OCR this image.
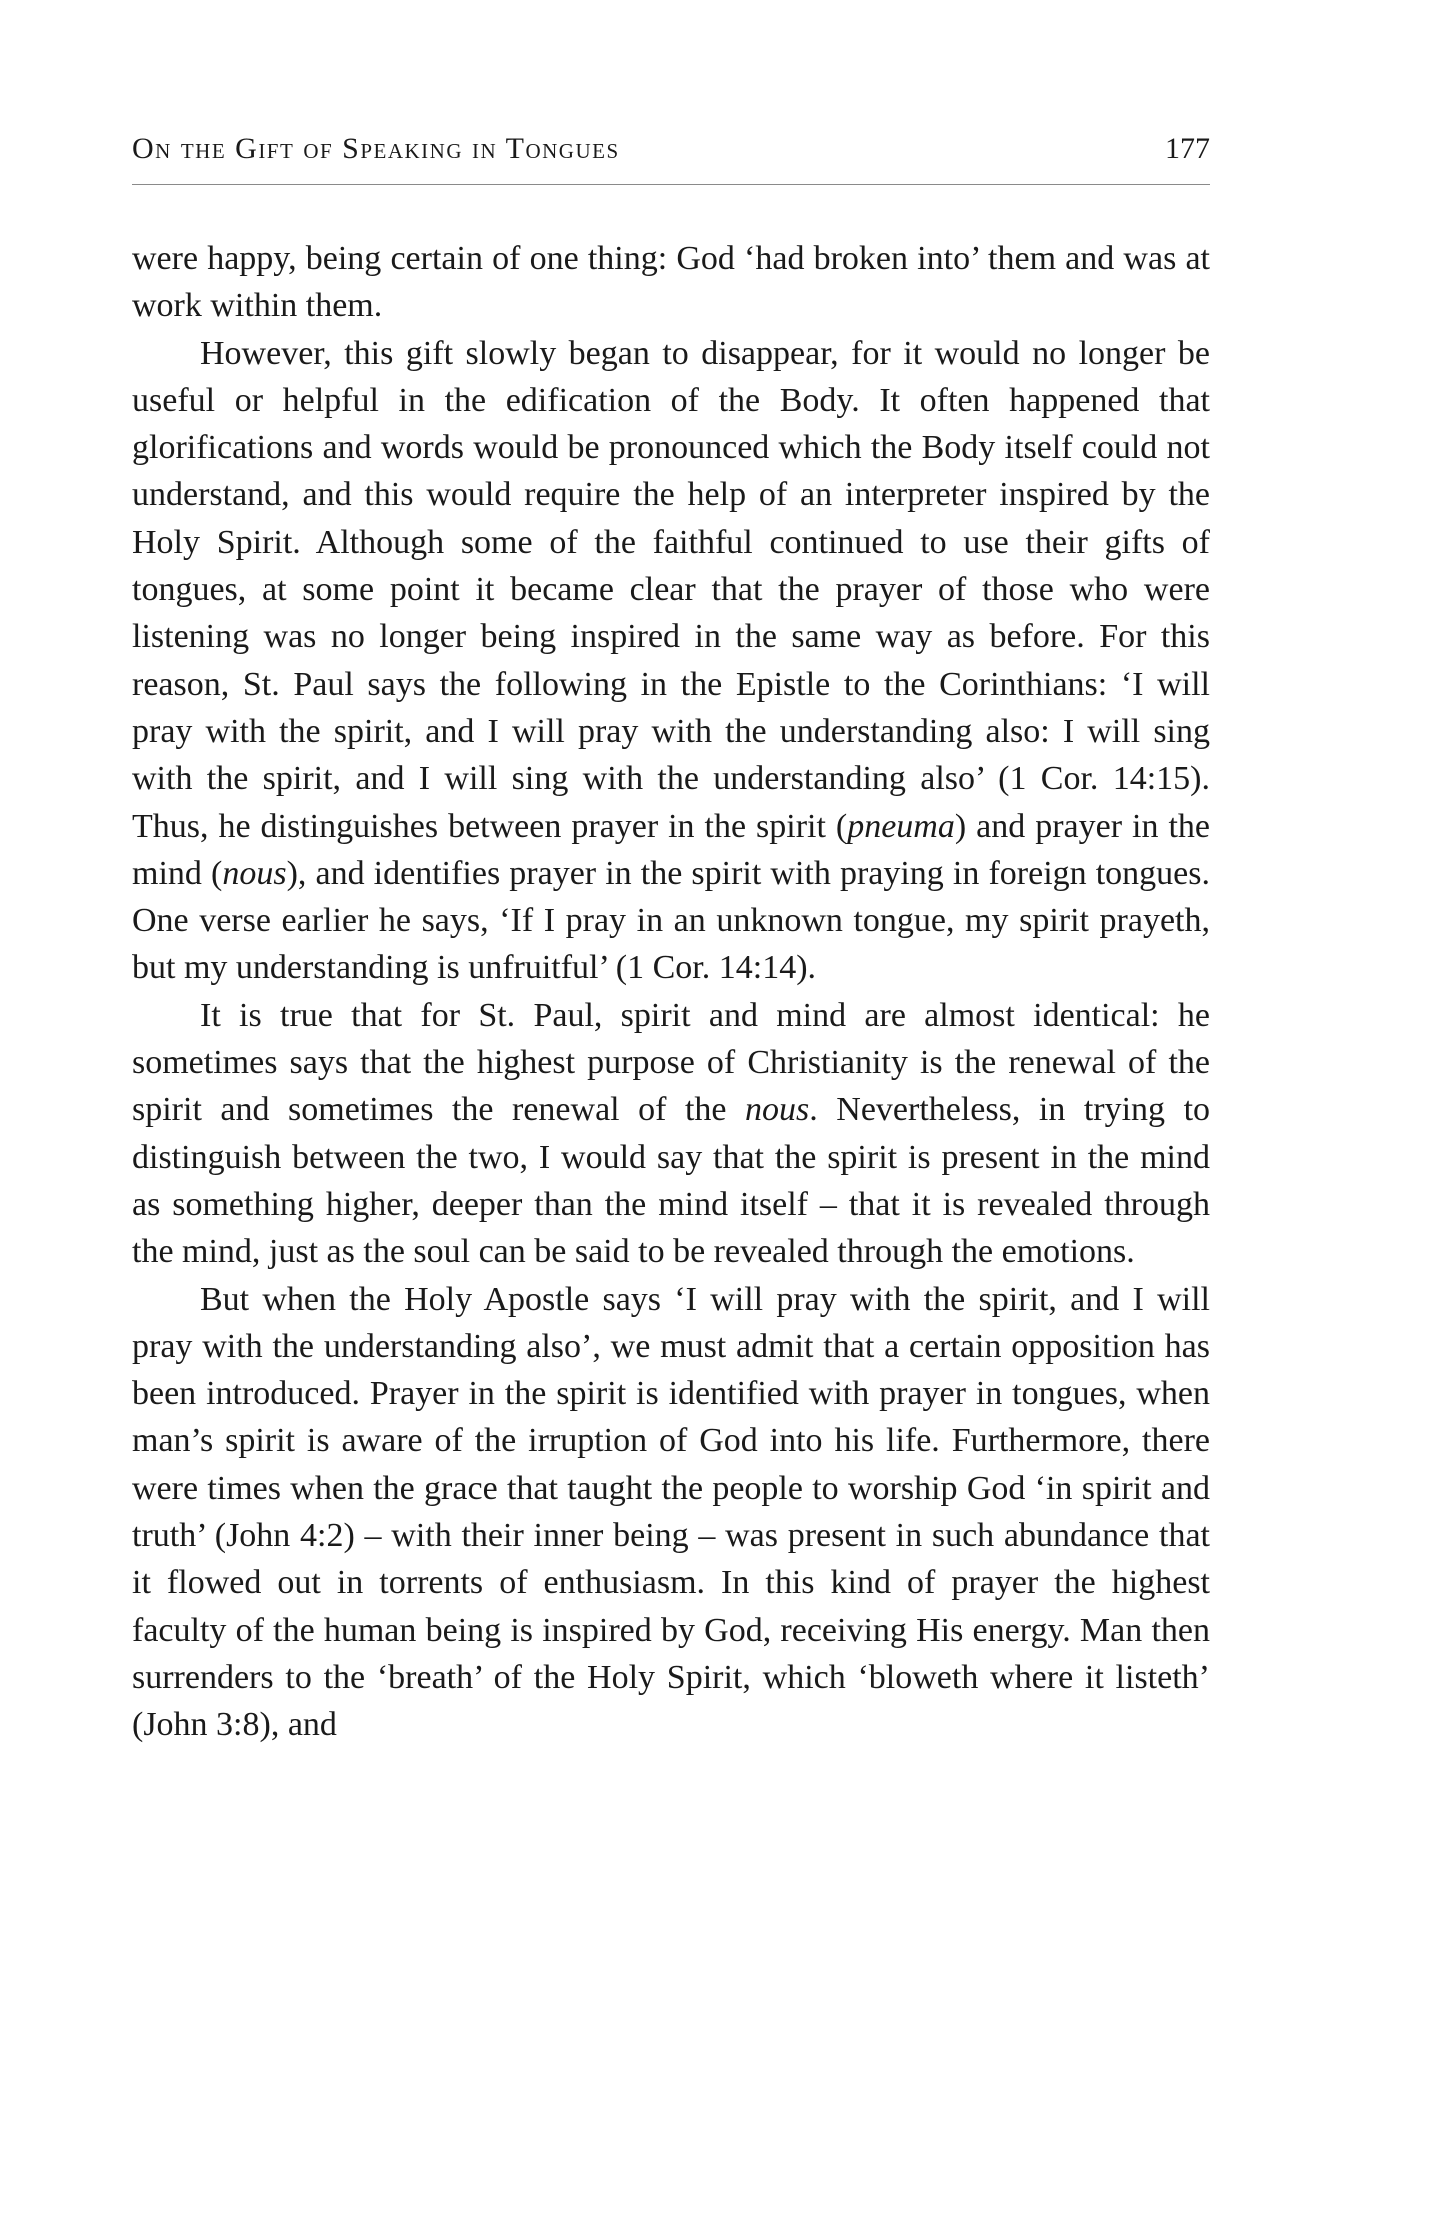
On the Gift of Speaking in Tongues	177

were happy, being certain of one thing: God ‘had broken into’ them and was at work within them.

However, this gift slowly began to disappear, for it would no longer be useful or helpful in the edification of the Body. It often happened that glorifications and words would be pronounced which the Body itself could not understand, and this would require the help of an interpreter inspired by the Holy Spirit. Although some of the faithful continued to use their gifts of tongues, at some point it became clear that the prayer of those who were listening was no longer being inspired in the same way as before. For this reason, St. Paul says the following in the Epistle to the Corinthians: ‘I will pray with the spirit, and I will pray with the understanding also: I will sing with the spirit, and I will sing with the understanding also’ (1 Cor. 14:15). Thus, he distinguishes between prayer in the spirit (pneuma) and prayer in the mind (nous), and identifies prayer in the spirit with praying in foreign tongues. One verse earlier he says, ‘If I pray in an unknown tongue, my spirit prayeth, but my understanding is unfruitful’ (1 Cor. 14:14).

It is true that for St. Paul, spirit and mind are almost identical: he sometimes says that the highest purpose of Christianity is the renewal of the spirit and sometimes the renewal of the nous. Nevertheless, in trying to distinguish between the two, I would say that the spirit is present in the mind as something higher, deeper than the mind itself – that it is revealed through the mind, just as the soul can be said to be revealed through the emotions.

But when the Holy Apostle says ‘I will pray with the spirit, and I will pray with the understanding also’, we must admit that a certain opposition has been introduced. Prayer in the spirit is identified with prayer in tongues, when man’s spirit is aware of the irruption of God into his life. Furthermore, there were times when the grace that taught the people to worship God ‘in spirit and truth’ (John 4:2) – with their inner being – was present in such abundance that it flowed out in torrents of enthusiasm. In this kind of prayer the highest faculty of the human being is inspired by God, receiving His energy. Man then surrenders to the ‘breath’ of the Holy Spirit, which ‘bloweth where it listeth’ (John 3:8), and
